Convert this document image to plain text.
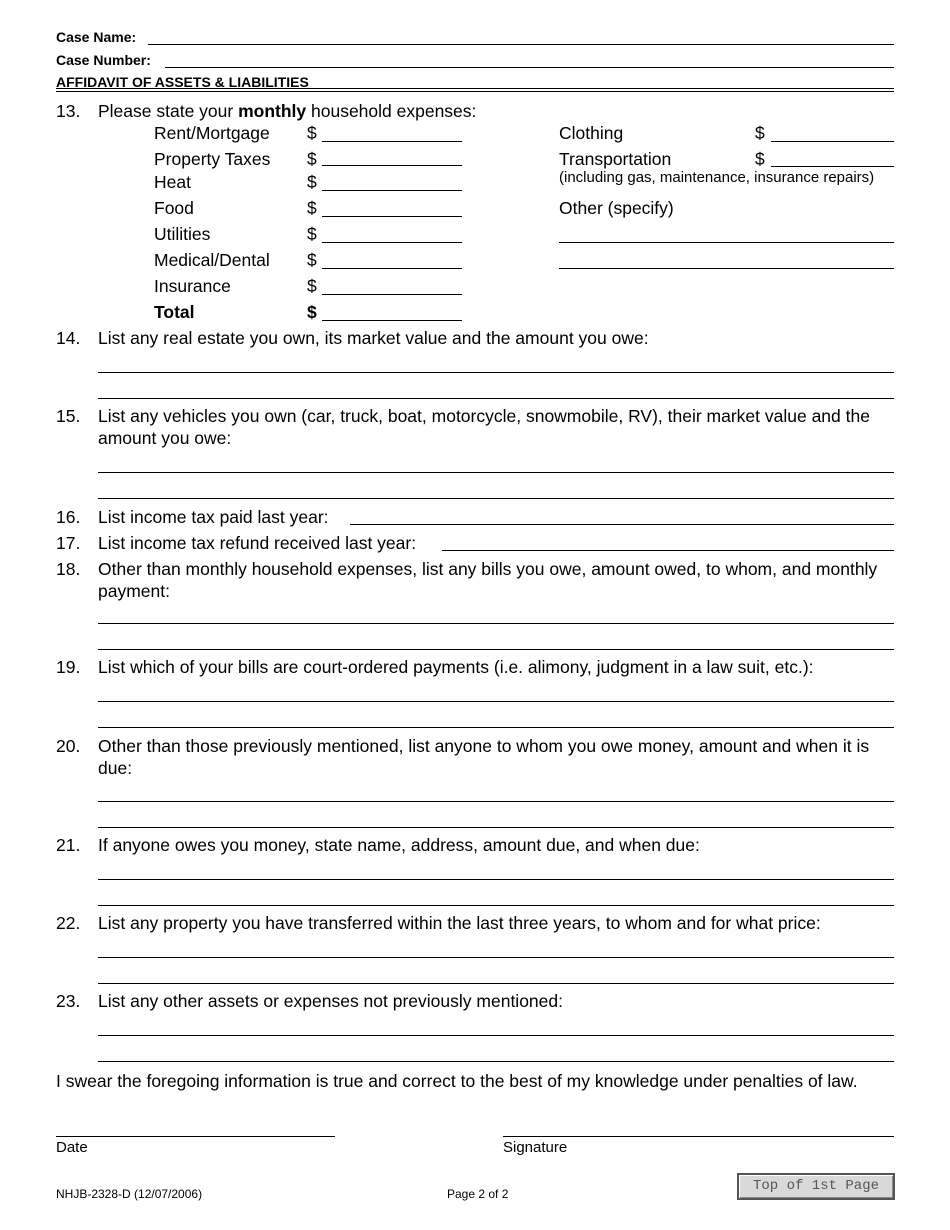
Case Name:
Case Number:
AFFIDAVIT OF ASSETS & LIABILITIES
13. Please state your monthly household expenses:
Rent/Mortgage $
Property Taxes $
Heat	$
Food	$
Utilities	$
Medical/Dental $
Insurance	$
Total	$
Clothing	$
Transportation	$
(including gas, maintenance, insurance repairs)
Other (specify)
14. List any real estate you own, its market value and the amount you owe:
15. List any vehicles you own (car, truck, boat, motorcycle, snowmobile, RV), their market value and the amount you owe:
16. List income tax paid last year:
17. List income tax refund received last year:
18. Other than monthly household expenses, list any bills you owe, amount owed, to whom, and monthly payment:
19. List which of your bills are court-ordered payments (i.e. alimony, judgment in a law suit, etc.):
20. Other than those previously mentioned, list anyone to whom you owe money, amount and when it is due:
21. If anyone owes you money, state name, address, amount due, and when due:
22. List any property you have transferred within the last three years, to whom and for what price:
23. List any other assets or expenses not previously mentioned:
I swear the foregoing information is true and correct to the best of my knowledge under penalties of law.
Date	Signature
NHJB-2328-D (12/07/2006)	Page 2 of 2	Top of 1st Page
